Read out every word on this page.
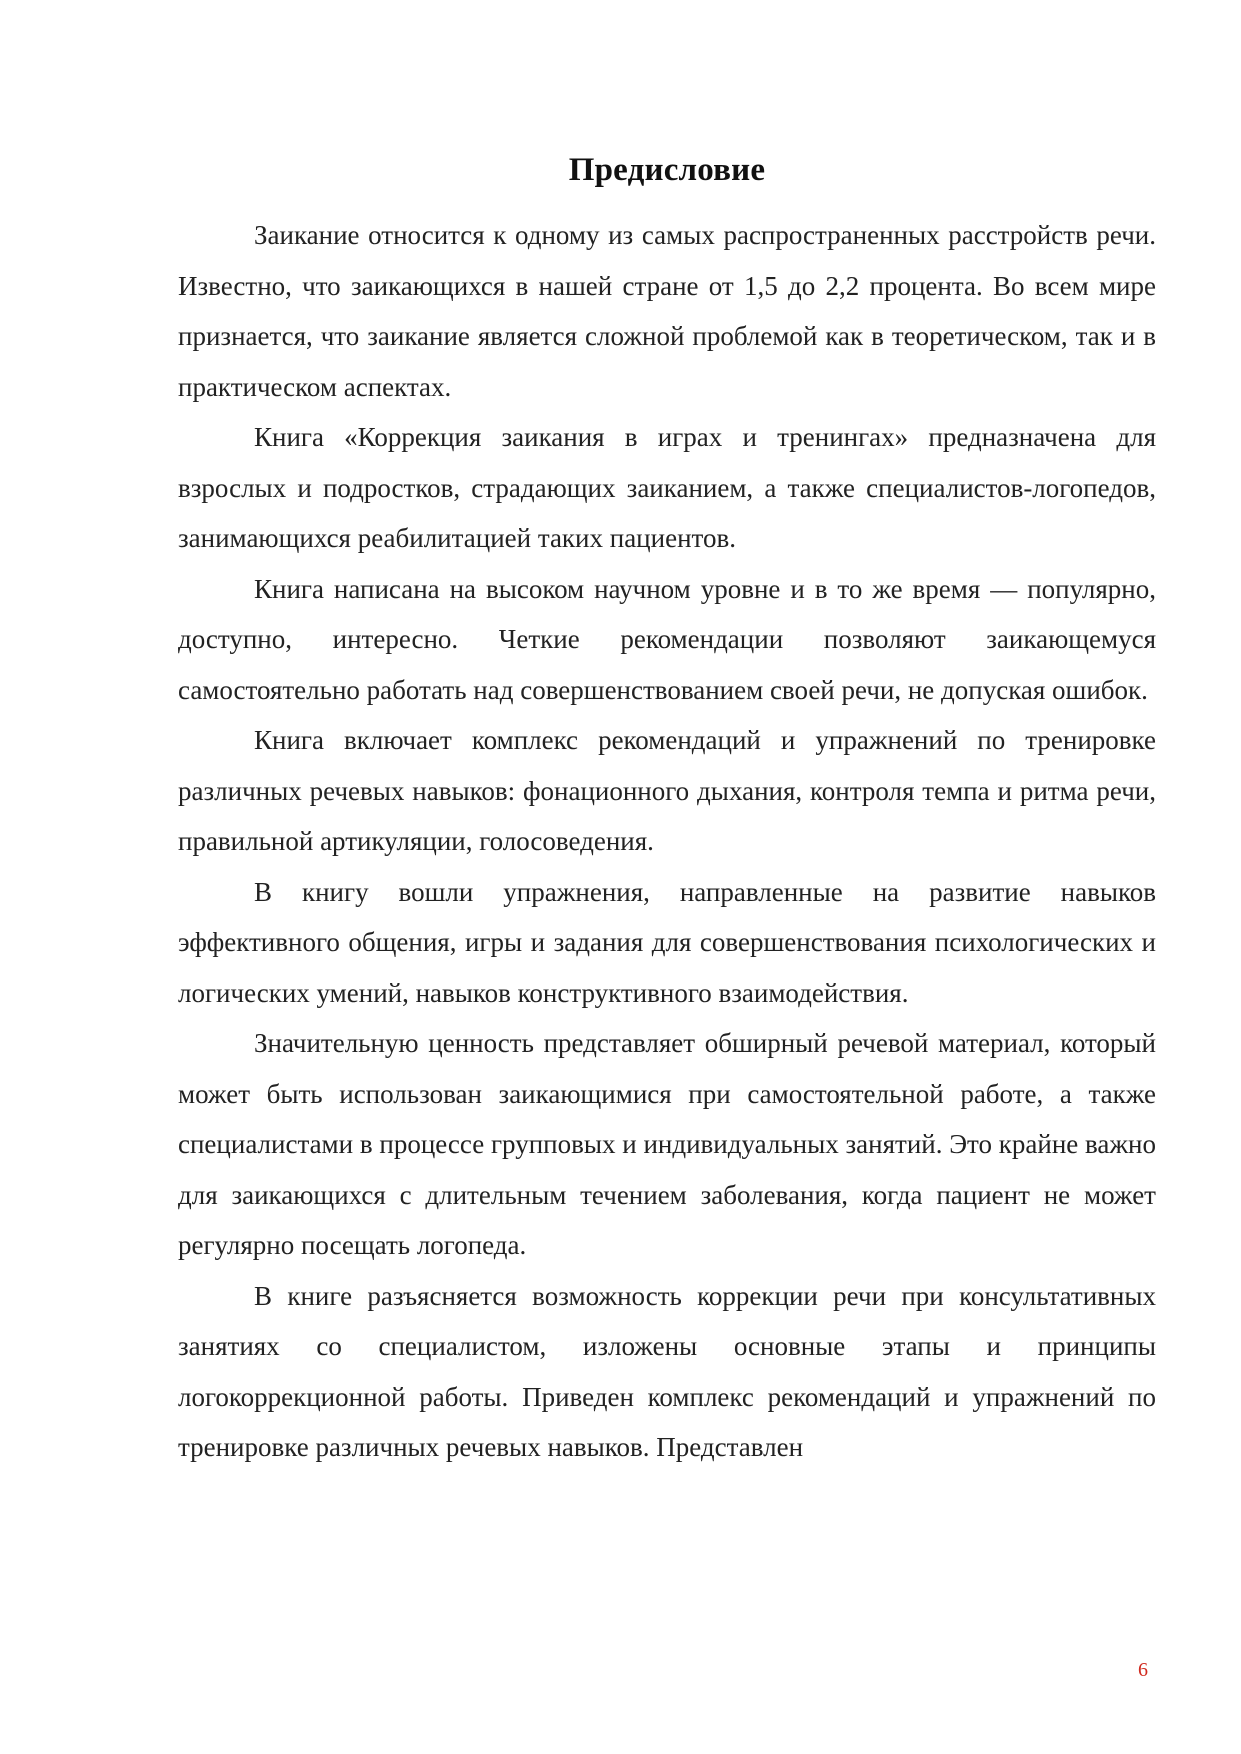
Предисловие

Заикание относится к одному из самых распространенных расстройств речи. Известно, что заикающихся в нашей стране от 1,5 до 2,2 процента. Во всем мире признается, что заикание является сложной проблемой как в теоретическом, так и в практическом аспектах.

Книга «Коррекция заикания в играх и тренингах» предназначена для взрослых и подростков, страдающих заиканием, а также специалистов-логопедов, занимающихся реабилитацией таких пациентов.

Книга написана на высоком научном уровне и в то же время — популярно, доступно, интересно. Четкие рекомендации позволяют заикающемуся самостоятельно работать над совершенствованием своей речи, не допуская ошибок.

Книга включает комплекс рекомендаций и упражнений по тренировке различных речевых навыков: фонационного дыхания, контроля темпа и ритма речи, правильной артикуляции, голосоведения.

В книгу вошли упражнения, направленные на развитие навыков эффективного общения, игры и задания для совершенствования психологических и логических умений, навыков конструктивного взаимодействия.

Значительную ценность представляет обширный речевой материал, который может быть использован заикающимися при самостоятельной работе, а также специалистами в процессе групповых и индивидуальных занятий. Это крайне важно для заикающихся с длительным течением заболевания, когда пациент не может регулярно посещать логопеда.

В книге разъясняется возможность коррекции речи при консультативных занятиях со специалистом, изложены основные этапы и принципы логокоррекционной работы. Приведен комплекс рекомендаций и упражнений по тренировке различных речевых навыков. Представлен

6
